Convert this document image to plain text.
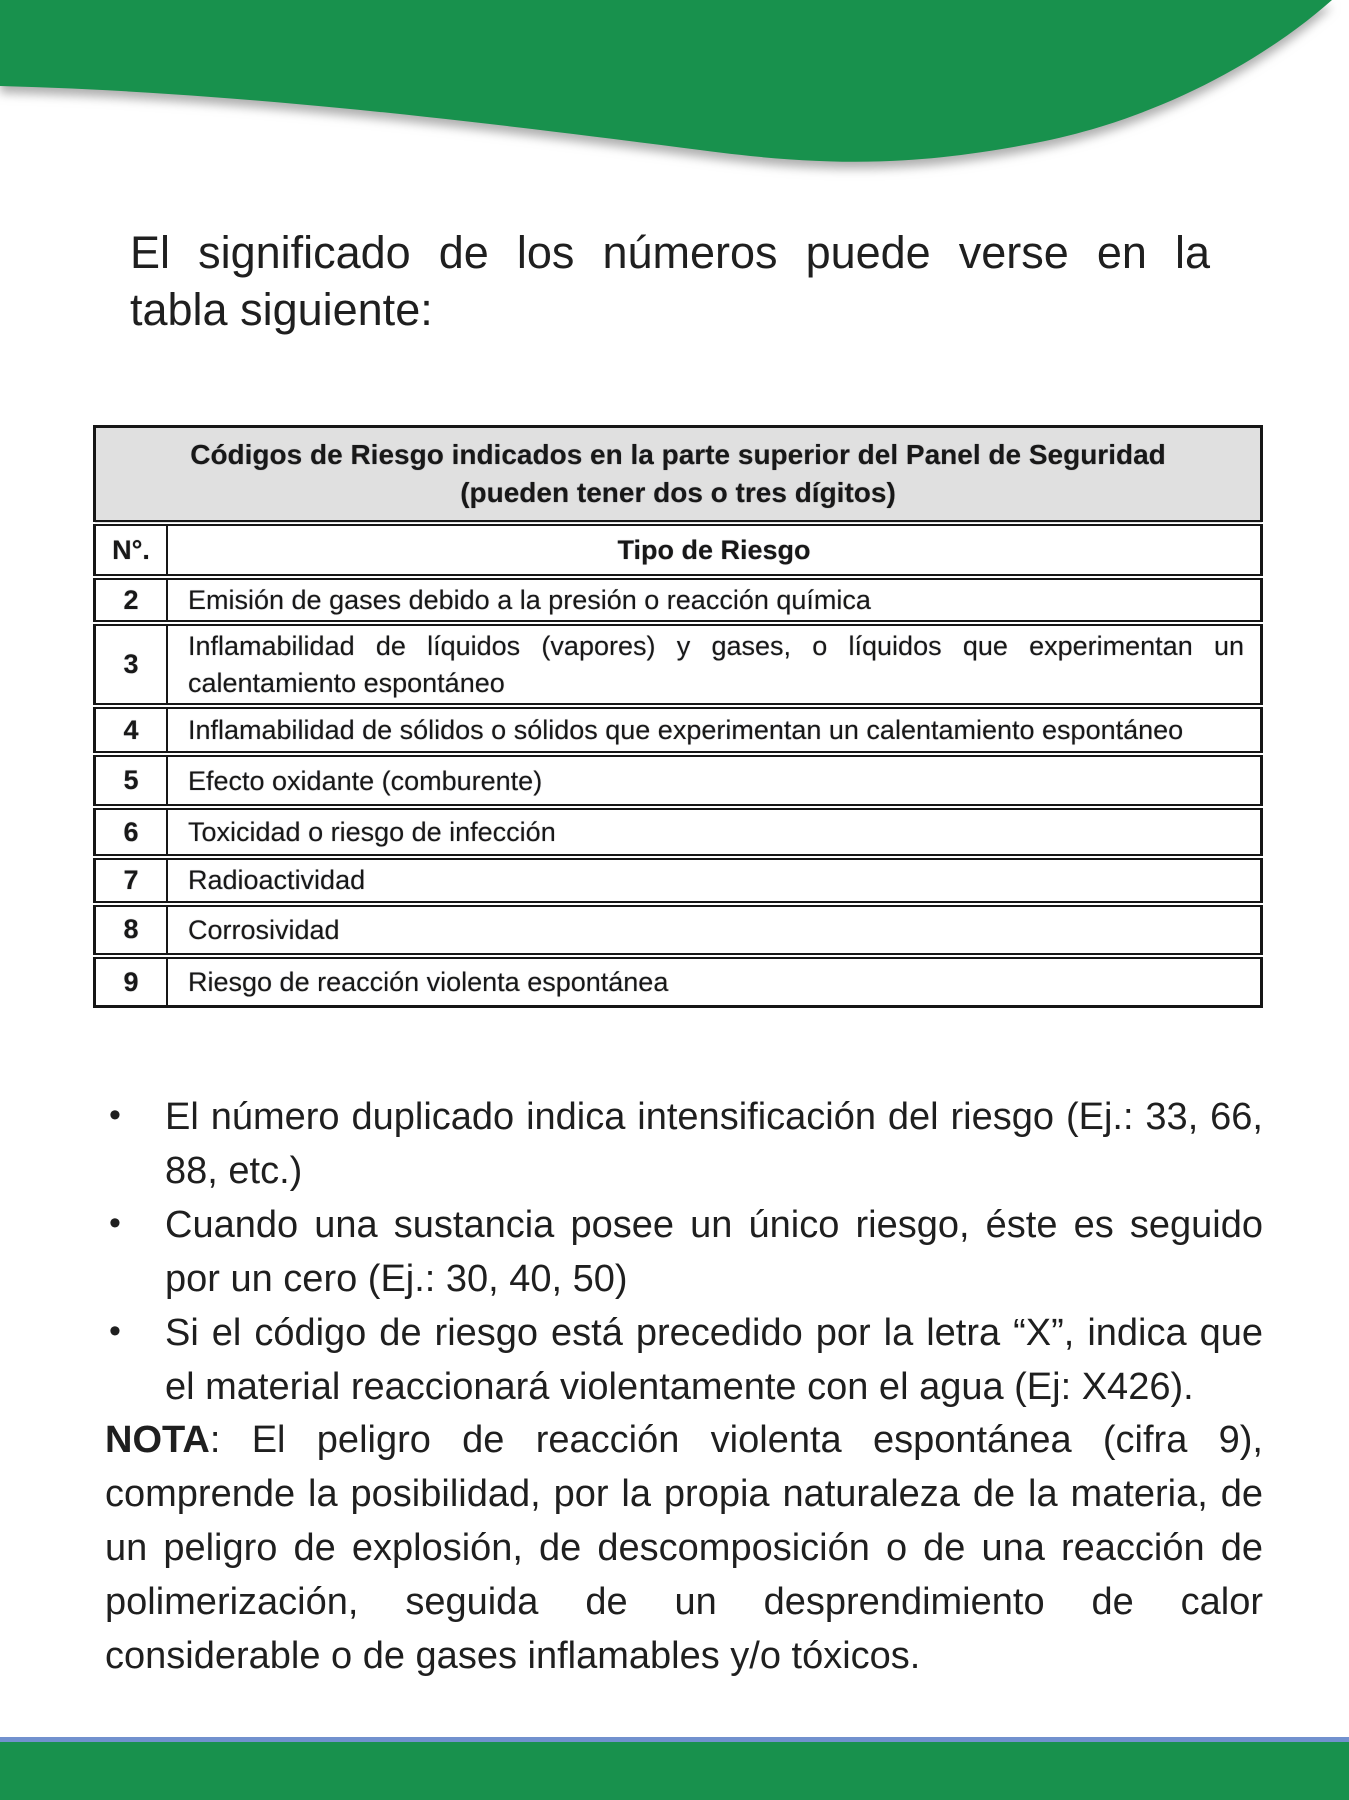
El significado de los números puede verse en la
tabla siguiente:
Códigos de Riesgo indicados en la parte superior del Panel de Seguridad
(pueden tener dos o tres dígitos)	

N°.	Tipo de Riesgo
2	Emisión de gases debido a la presión o reacción química
3	Inflamabilidad de líquidos (vapores) y gases, o líquidos que experimentan un calentamiento espontáneo
4	Inflamabilidad de sólidos o sólidos que experimentan un calentamiento espontáneo
5	Efecto oxidante (comburente)
6	Toxicidad o riesgo de infección
7	Radioactividad
8	Corrosividad
9	Riesgo de reacción violenta espontánea
• El número duplicado indica intensificación del riesgo (Ej.: 33, 66, 88, etc.)
• Cuando una sustancia posee un único riesgo, éste es seguido por un cero (Ej.: 30, 40, 50)
• Si el código de riesgo está precedido por la letra “X”, indica que el material reaccionará violentamente con el agua (Ej: X426).

NOTA: El peligro de reacción violenta espontánea (cifra 9), comprende la posibilidad, por la propia naturaleza de la materia, de un peligro de explosión, de descomposición o de una reacción de polimerización, seguida de un desprendimiento de calor considerable o de gases inflamables y/o tóxicos.
